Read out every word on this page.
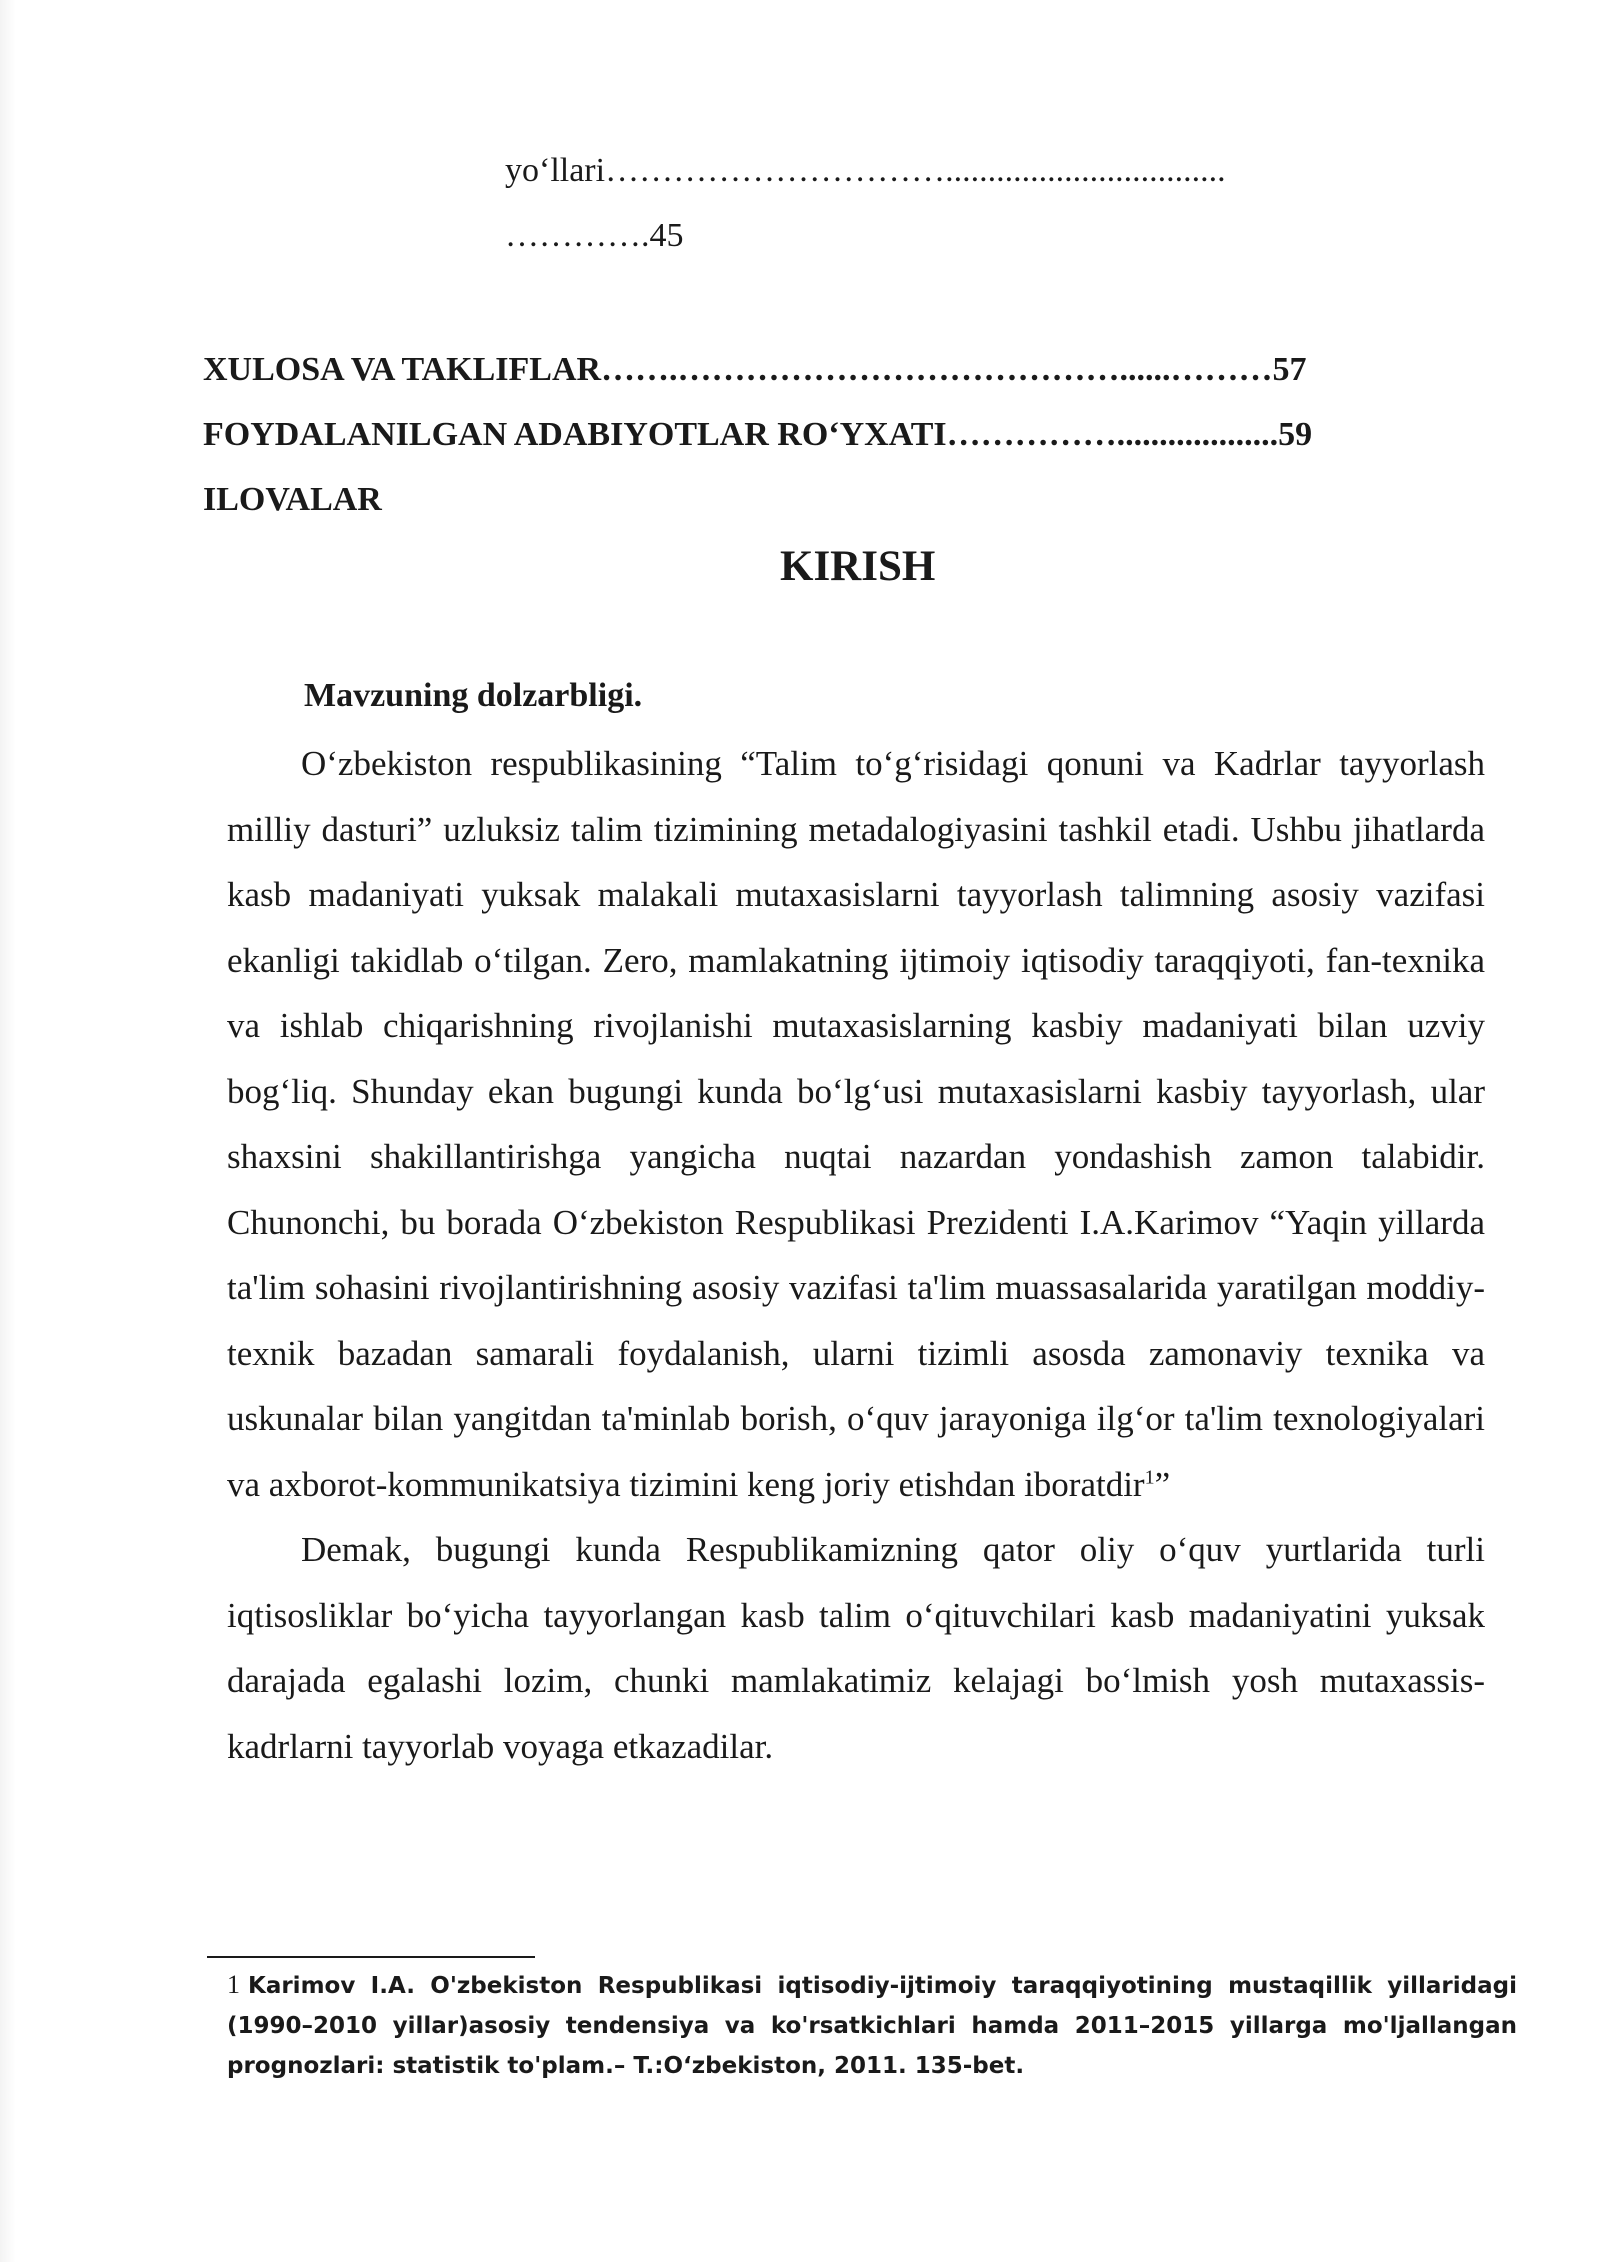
yo‘llari………………………….................................
………….45
XULOSA VA TAKLIFLAR…….…………………………………......………57
FOYDALANILGAN ADABIYOTLAR RO‘YXATI……………...................59
ILOVALAR
KIRISH
Mavzuning dolzarbligi.

O‘zbekiston respublikasining “Talim to‘g‘risidagi qonuni va Kadrlar tayyorlash milliy dasturi” uzluksiz talim tizimining metadalogiyasini tashkil etadi. Ushbu jihatlarda kasb madaniyati yuksak malakali mutaxasislarni tayyorlash talimning asosiy vazifasi ekanligi takidlab o‘tilgan. Zero, mamlakatning ijtimoiy iqtisodiy taraqqiyoti, fan-texnika va ishlab chiqarishning rivojlanishi mutaxasislarning kasbiy madaniyati bilan uzviy bog‘liq. Shunday ekan bugungi kunda bo‘lg‘usi mutaxasislarni kasbiy tayyorlash, ular shaxsini shakillantirishga yangicha nuqtai nazardan yondashish zamon talabidir. Chunonchi, bu borada O‘zbekiston Respublikasi Prezidenti I.A.Karimov “Yaqin yillarda ta'lim sohasini rivojlantirishning asosiy vazifasi ta'lim muassasalarida yaratilgan moddiy-texnik bazadan samarali foydalanish, ularni tizimli asosda zamonaviy texnika va uskunalar bilan yangitdan ta'minlab borish, o‘quv jarayoniga ilg‘or ta'lim texnologiyalari va axborot-kommunikatsiya tizimini keng joriy etishdan iboratdir$^1$”

Demak, bugungi kunda Respublikamizning qator oliy o‘quv yurtlarida turli iqtisosliklar bo‘yicha tayyorlangan kasb talim o‘qituvchilari kasb madaniyatini yuksak darajada egalashi lozim, chunki mamlakatimiz kelajagi bo‘lmish yosh mutaxassis-kadrlarni tayyorlab voyaga etkazadilar.

1 Karimov I.A. O'zbekiston Respublikasi iqtisodiy-ijtimoiy taraqqiyotining mustaqillik yillaridagi (1990–2010 yillar)asosiy tendensiya va ko'rsatkichlari hamda 2011–2015 yillarga mo'ljallangan prognozlari: statistik to'plam.– T.:O‘zbekiston, 2011. 135-bet.
